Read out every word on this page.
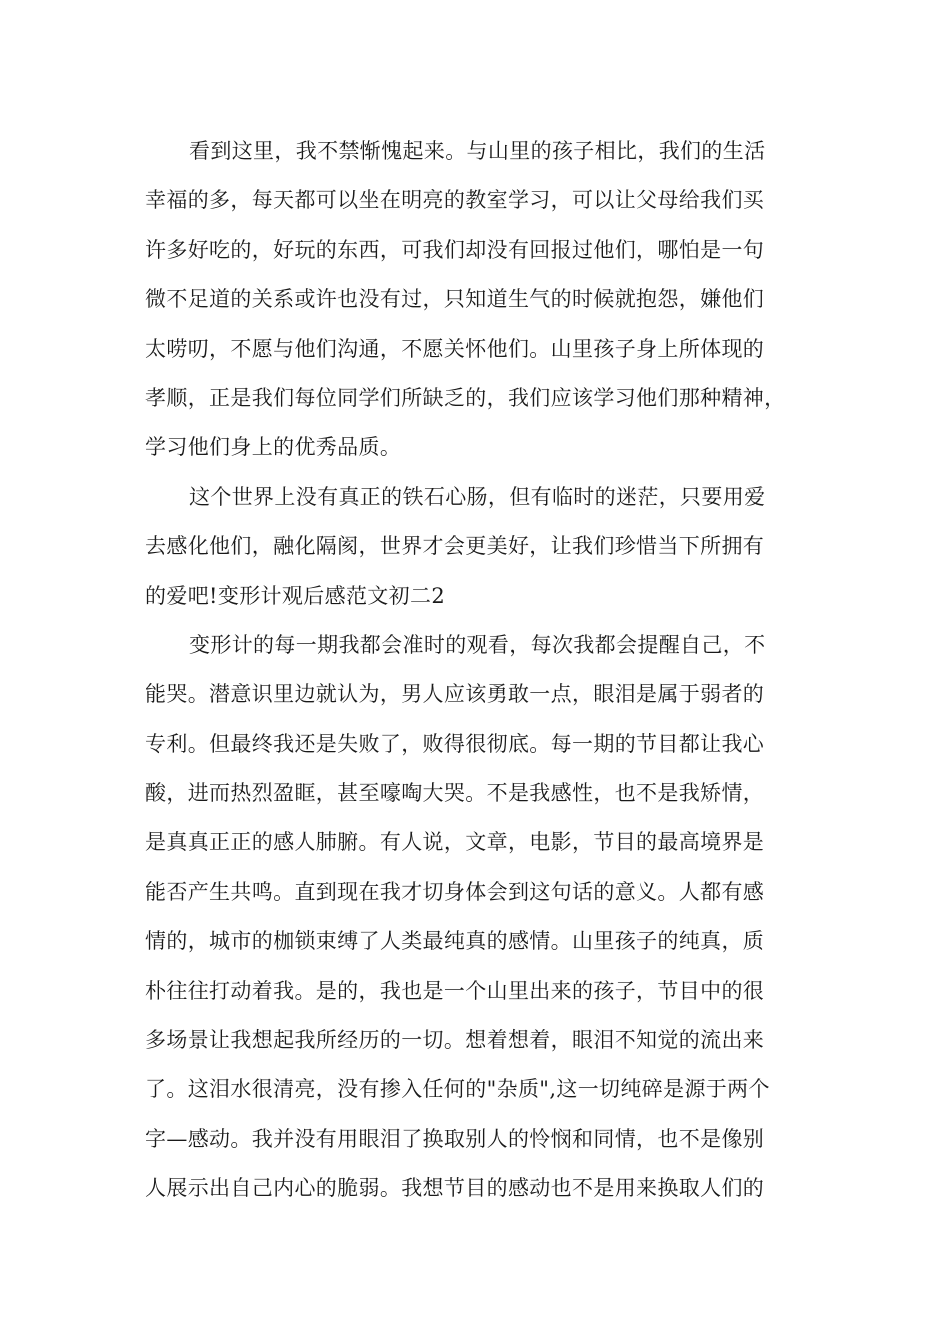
看到这里，我不禁惭愧起来。与山里的孩子相比，我们的生活
幸福的多，每天都可以坐在明亮的教室学习，可以让父母给我们买
许多好吃的，好玩的东西，可我们却没有回报过他们，哪怕是一句
微不足道的关系或许也没有过，只知道生气的时候就抱怨，嫌他们
太唠叨，不愿与他们沟通，不愿关怀他们。山里孩子身上所体现的
孝顺，正是我们每位同学们所缺乏的，我们应该学习他们那种精神，
学习他们身上的优秀品质。
这个世界上没有真正的铁石心肠，但有临时的迷茫，只要用爱
去感化他们，融化隔阂，世界才会更美好，让我们珍惜当下所拥有
的爱吧!变形计观后感范文初二2
变形计的每一期我都会准时的观看，每次我都会提醒自己，不
能哭。潜意识里边就认为，男人应该勇敢一点，眼泪是属于弱者的
专利。但最终我还是失败了，败得很彻底。每一期的节目都让我心
酸，进而热烈盈眶，甚至嚎啕大哭。不是我感性，也不是我矫情，
是真真正正的感人肺腑。有人说，文章，电影，节目的最高境界是
能否产生共鸣。直到现在我才切身体会到这句话的意义。人都有感
情的，城市的枷锁束缚了人类最纯真的感情。山里孩子的纯真，质
朴往往打动着我。是的，我也是一个山里出来的孩子，节目中的很
多场景让我想起我所经历的一切。想着想着，眼泪不知觉的流出来
了。这泪水很清亮，没有掺入任何的"杂质",这一切纯碎是源于两个
字—感动。我并没有用眼泪了换取别人的怜悯和同情，也不是像别
人展示出自己内心的脆弱。我想节目的感动也不是用来换取人们的
